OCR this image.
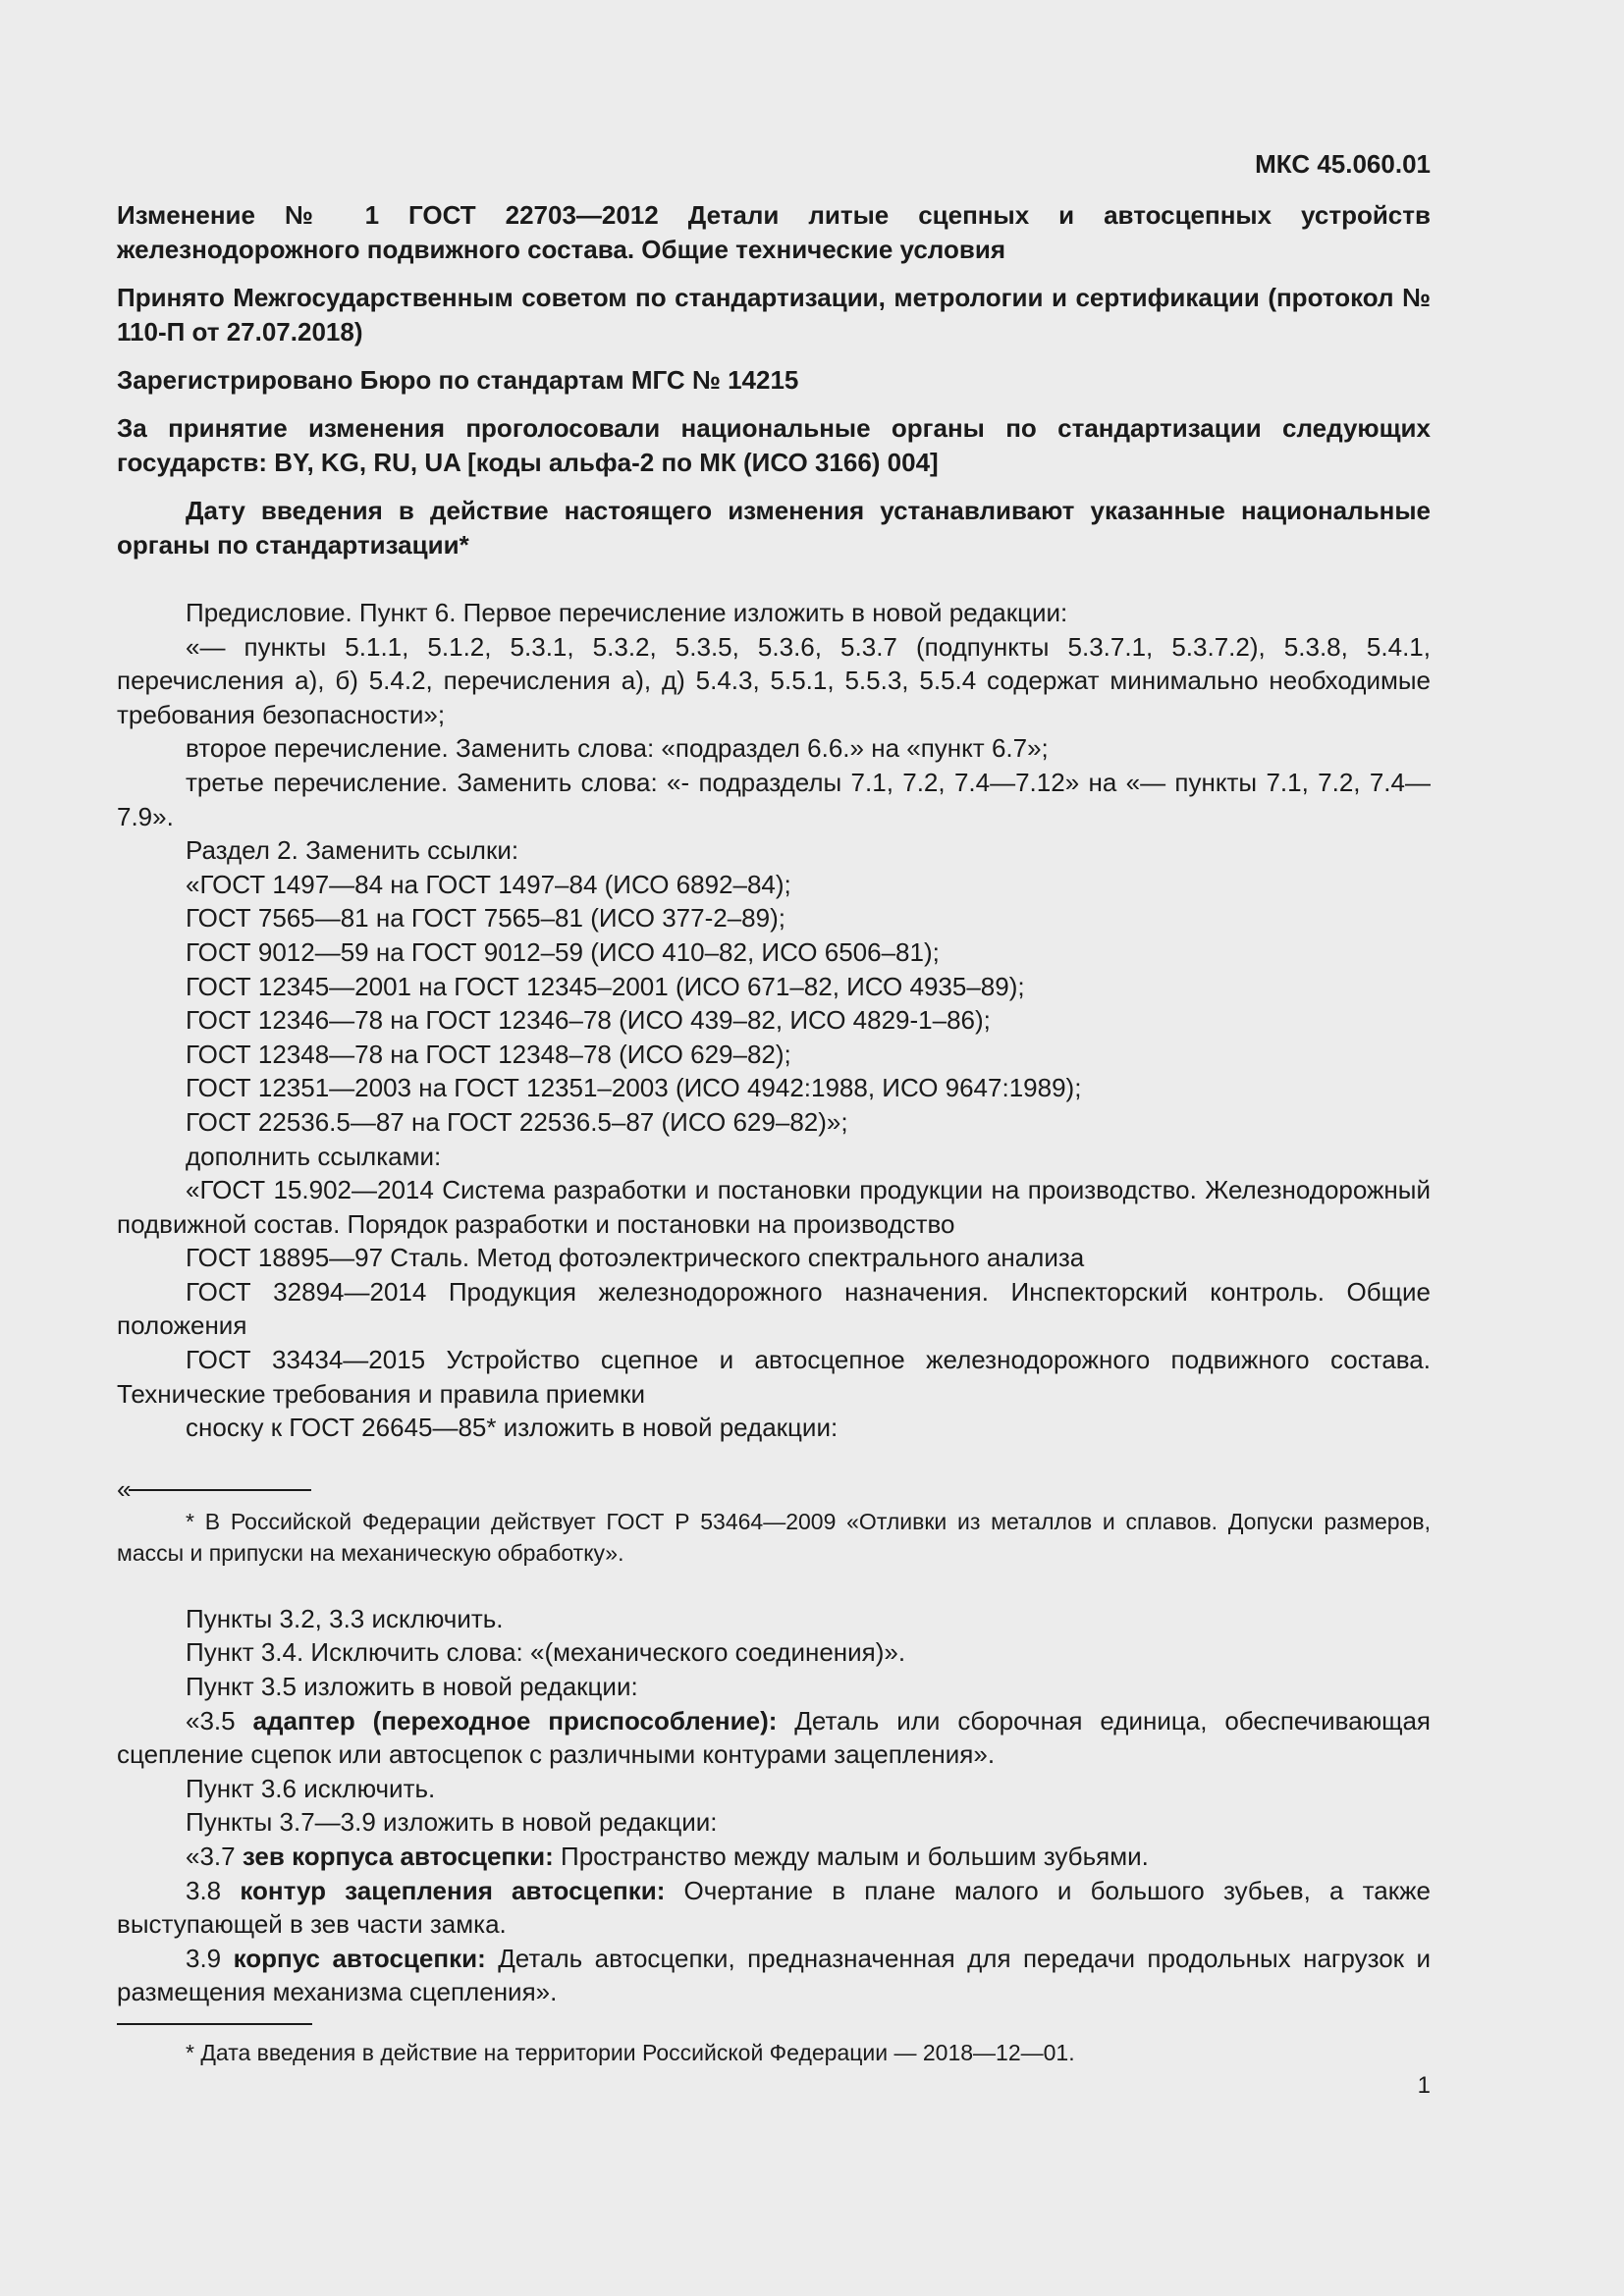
МКС 45.060.01

Изменение № 1 ГОСТ 22703—2012 Детали литые сцепных и автосцепных устройств железнодорожного подвижного состава. Общие технические условия

Принято Межгосударственным советом по стандартизации, метрологии и сертификации (протокол № 110-П от 27.07.2018)

Зарегистрировано Бюро по стандартам МГС № 14215

За принятие изменения проголосовали национальные органы по стандартизации следующих государств: BY, KG, RU, UA [коды альфа-2 по МК (ИСО 3166) 004]

Дату введения в действие настоящего изменения устанавливают указанные национальные органы по стандартизации*

Предисловие. Пункт 6. Первое перечисление изложить в новой редакции:

«— пункты 5.1.1, 5.1.2, 5.3.1, 5.3.2, 5.3.5, 5.3.6, 5.3.7 (подпункты 5.3.7.1, 5.3.7.2), 5.3.8, 5.4.1, перечисления а), б) 5.4.2, перечисления а), д) 5.4.3, 5.5.1, 5.5.3, 5.5.4 содержат минимально необходимые требования безопасности»;

второе перечисление. Заменить слова: «подраздел 6.6.» на «пункт 6.7»;

третье перечисление. Заменить слова: «- подразделы 7.1, 7.2, 7.4—7.12» на «— пункты 7.1, 7.2, 7.4—7.9».

Раздел 2. Заменить ссылки:

«ГОСТ 1497—84 на ГОСТ 1497–84 (ИСО 6892–84);

ГОСТ 7565—81 на ГОСТ 7565–81 (ИСО 377-2–89);

ГОСТ 9012—59 на ГОСТ 9012–59 (ИСО 410–82, ИСО 6506–81);

ГОСТ 12345—2001 на ГОСТ 12345–2001 (ИСО 671–82, ИСО 4935–89);

ГОСТ 12346—78 на ГОСТ 12346–78 (ИСО 439–82, ИСО 4829-1–86);

ГОСТ 12348—78 на ГОСТ 12348–78 (ИСО 629–82);

ГОСТ 12351—2003 на ГОСТ 12351–2003 (ИСО 4942:1988, ИСО 9647:1989);

ГОСТ 22536.5—87 на ГОСТ 22536.5–87 (ИСО 629–82)»;

дополнить ссылками:

«ГОСТ 15.902—2014 Система разработки и постановки продукции на производство. Железнодорожный подвижной состав. Порядок разработки и постановки на производство

ГОСТ 18895—97 Сталь. Метод фотоэлектрического спектрального анализа

ГОСТ 32894—2014 Продукция железнодорожного назначения. Инспекторский контроль. Общие положения

ГОСТ 33434—2015 Устройство сцепное и автосцепное железнодорожного подвижного состава. Технические требования и правила приемки

сноску к ГОСТ 26645—85* изложить в новой редакции:

«

* В Российской Федерации действует ГОСТ Р 53464—2009 «Отливки из металлов и сплавов. Допуски размеров, массы и припуски на механическую обработку».

Пункты 3.2, 3.3 исключить.

Пункт 3.4. Исключить слова: «(механического соединения)».

Пункт 3.5 изложить в новой редакции:

«3.5 адаптер (переходное приспособление): Деталь или сборочная единица, обеспечивающая сцепление сцепок или автосцепок с различными контурами зацепления».

Пункт 3.6 исключить.

Пункты 3.7—3.9 изложить в новой редакции:

«3.7 зев корпуса автосцепки: Пространство между малым и большим зубьями.

3.8 контур зацепления автосцепки: Очертание в плане малого и большого зубьев, а также выступающей в зев части замка.

3.9 корпус автосцепки: Деталь автосцепки, предназначенная для передачи продольных нагрузок и размещения механизма сцепления».

* Дата введения в действие на территории Российской Федерации — 2018—12—01.

1
